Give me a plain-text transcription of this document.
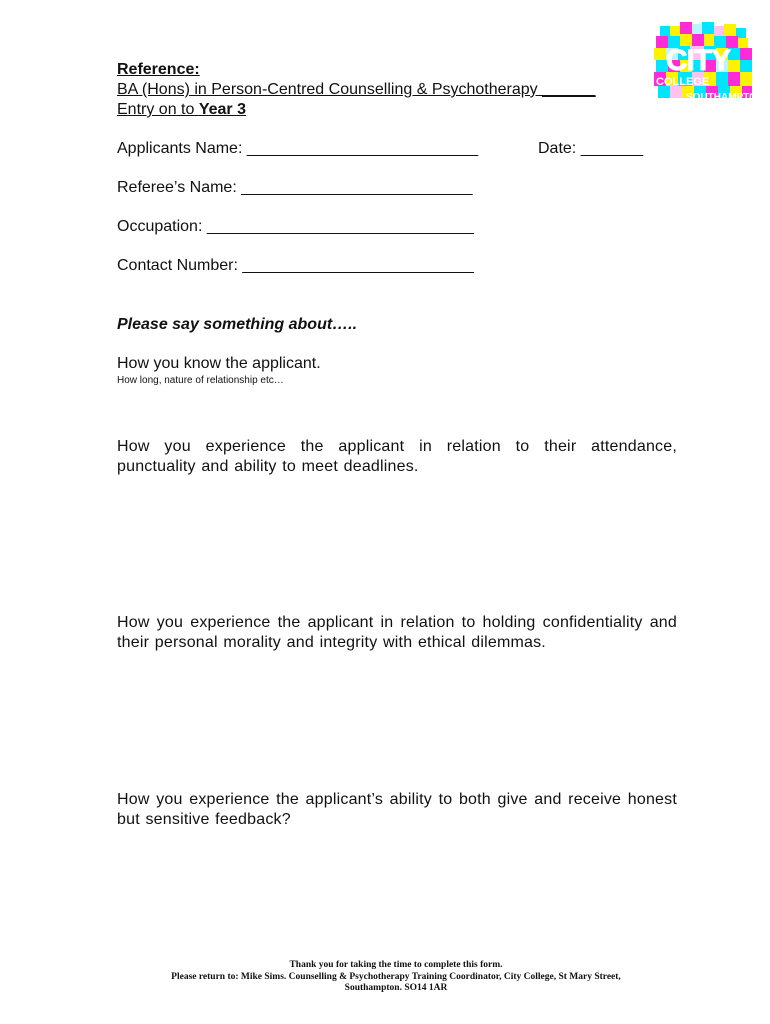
CITY
COLLEGE
SOUTHAMPTON
Reference:
BA (Hons) in Person-Centred Counselling & Psychotherapy ______
Entry on to Year 3
Applicants Name: __________________________	Date: _______
Referee’s Name: __________________________
Occupation: ______________________________
Contact Number: __________________________
Please say something about…..
How you know the applicant.
How long, nature of relationship etc…
How you experience the applicant in relation to their attendance, punctuality and ability to meet deadlines.
How you experience the applicant in relation to holding confidentiality and their personal morality and integrity with ethical dilemmas.
How you experience the applicant’s ability to both give and receive honest but sensitive feedback?
Thank you for taking the time to complete this form.
Please return to: Mike Sims. Counselling & Psychotherapy Training Coordinator, City College, St Mary Street,
Southampton. SO14 1AR
